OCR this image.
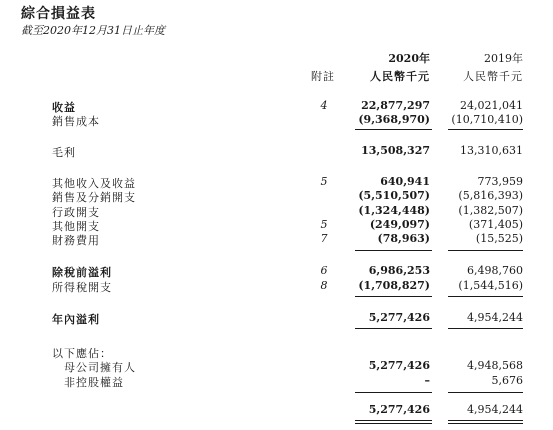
綜合損益表
截至2020年12月31日止年度
2020年	2019年
附註	人民幣千元	人民幣千元
收益	4	22,877,297	24,021,041
銷售成本	(9,368,970) (10,710,410)
毛利	13,508,327	13,310,631
其他收入及收益	5	640,941	773,959
銷售及分銷開支	(5,510,507)	(5,816,393)
行政開支	(1,324,448)	(1,382,507)
其他開支	5	(249,097)	(371,405)
財務費用	7	(78,963)	(15,525)
除稅前溢利	6	6,986,253	6,498,760
所得稅開支	8	(1,708,827)	(1,544,516)
年內溢利	5,277,426	4,954,244
以下應佔：
母公司擁有人	5,277,426	4,948,568
非控股權益	–	5,676
5,277,426	4,954,244
